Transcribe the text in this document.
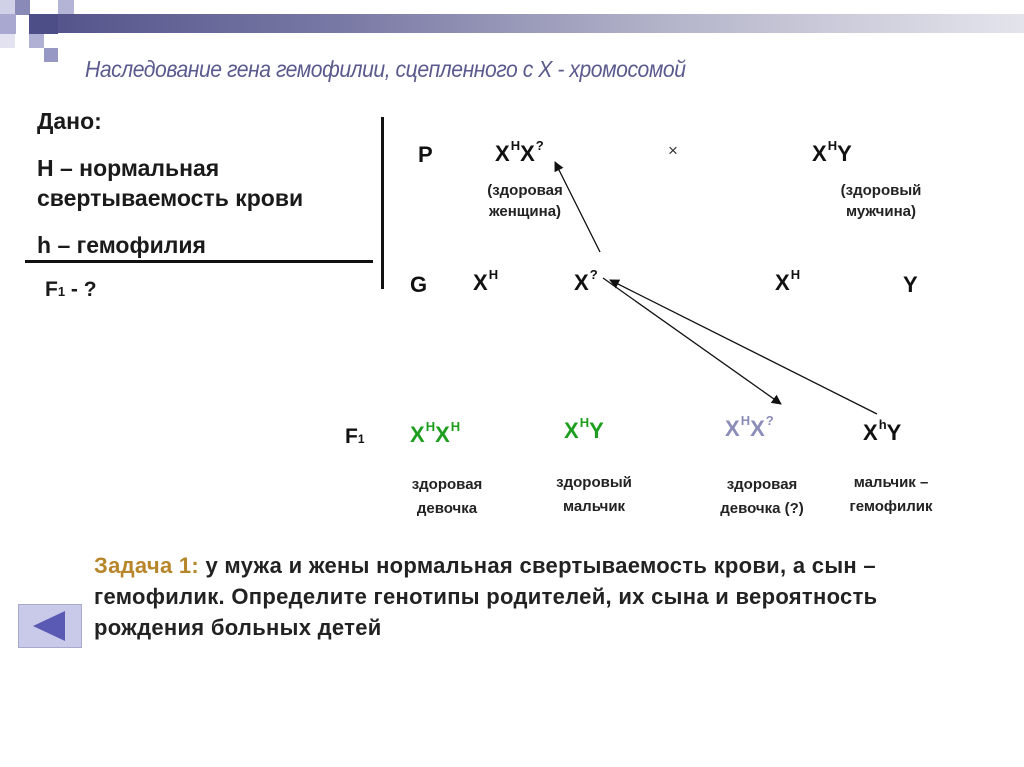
Наследование гена гемофилии, сцепленного с Х - хромосомой
Дано:
H – нормальная
свертываемость крови
h – гемофилия
F1 - ?
P	$X^HX^?$	×	$X^HY$
(здоровая
женщина)
(здоровый
мужчина)
G $X^H$	X?	$X^H$	Y
F1 $X^HX^H$	$X^HY$	$X^HX^?$	$X^hY$
здоровая
девочка
здоровый
мальчик
здоровая
девочка (?)
мальчик –
гемофилик
Задача 1: у мужа и жены нормальная свертываемость крови, а сын – гемофилик. Определите генотипы родителей, их сына и вероятность рождения больных детей
